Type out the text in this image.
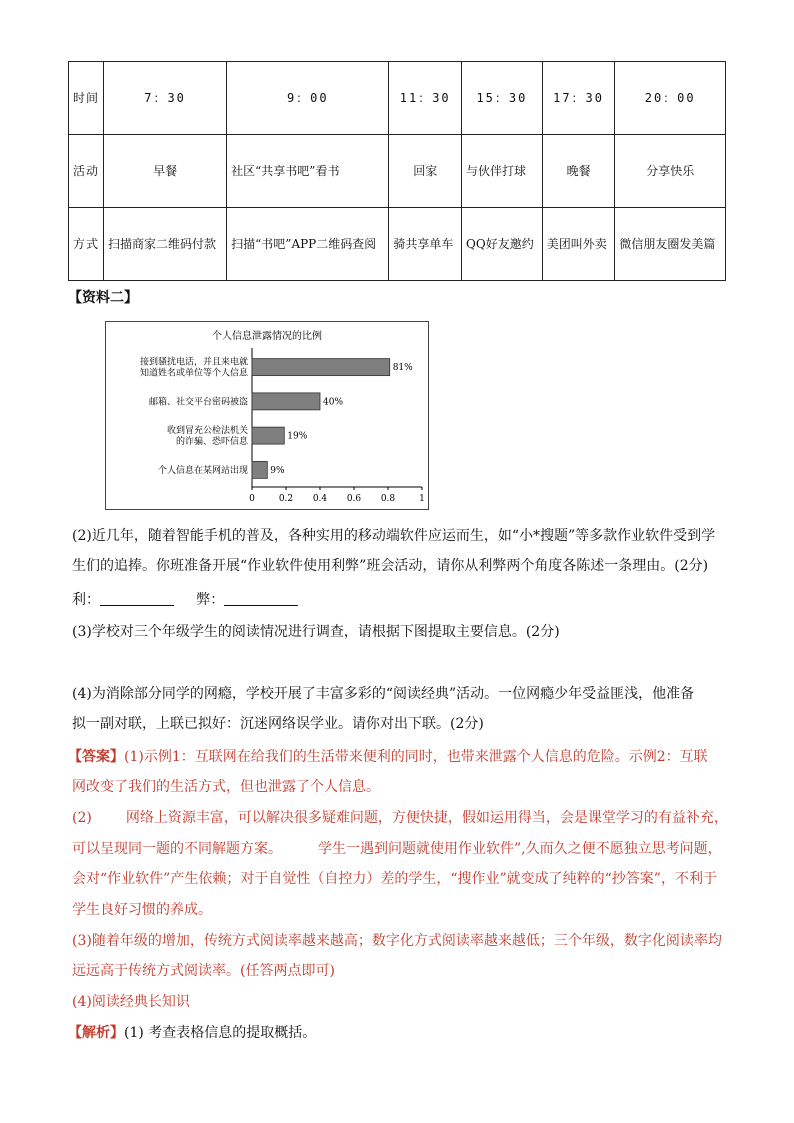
时间	7：30	9：00	11：30	15：30	17：30	20：00
活动	早餐	社区“共享书吧”看书	回家	与伙伴打球	晚餐	分享快乐
方式	扫描商家二维码付款	扫描“书吧”APP二维码查阅	骑共享单车	QQ好友邀约	美团叫外卖	微信朋友圈发美篇
【资料二】
个人信息泄露情况的比例
0	0.2 0.4 0.6 0.8	1
81%
接到骚扰电话，并且来电就
知道姓名或单位等个人信息
40%
邮箱、社交平台密码被盗
19%
收到冒充公检法机关
的诈骗、恐吓信息
9%
个人信息在某网站出现
(2)近几年，随着智能手机的普及，各种实用的移动端软件应运而生，如“小*搜题”等多款作业软件受到学
生们的追捧。你班准备开展“作业软件使用利弊”班会活动，请你从利弊两个角度各陈述一条理由。(2分)
利：	弊：
(3)学校对三个年级学生的阅读情况进行调查，请根据下图提取主要信息。(2分)
(4)为消除部分同学的网瘾，学校开展了丰富多彩的“阅读经典”活动。一位网瘾少年受益匪浅，他准备
拟一副对联，上联已拟好：沉迷网络误学业。请你对出下联。(2分)
【答案】(1)示例1：互联网在给我们的生活带来便利的同时，也带来泄露个人信息的危险。示例2：互联
网改变了我们的生活方式，但也泄露了个人信息。
(2) 网络上资源丰富，可以解决很多疑难问题，方便快捷，假如运用得当，会是课堂学习的有益补充，
可以呈现同一题的不同解题方案。	学生一遇到问题就使用作业软件”,久而久之便不愿独立思考问题，
会对“作业软件”产生依赖；对于自觉性（自控力）差的学生，“搜作业”就变成了纯粹的“抄答案”，不利于
学生良好习惯的养成。
(3)随着年级的增加，传统方式阅读率越来越高；数字化方式阅读率越来越低；三个年级，数字化阅读率均
远远高于传统方式阅读率。(任答两点即可)
(4)阅读经典长知识
【解析】(1) 考查表格信息的提取概括。
